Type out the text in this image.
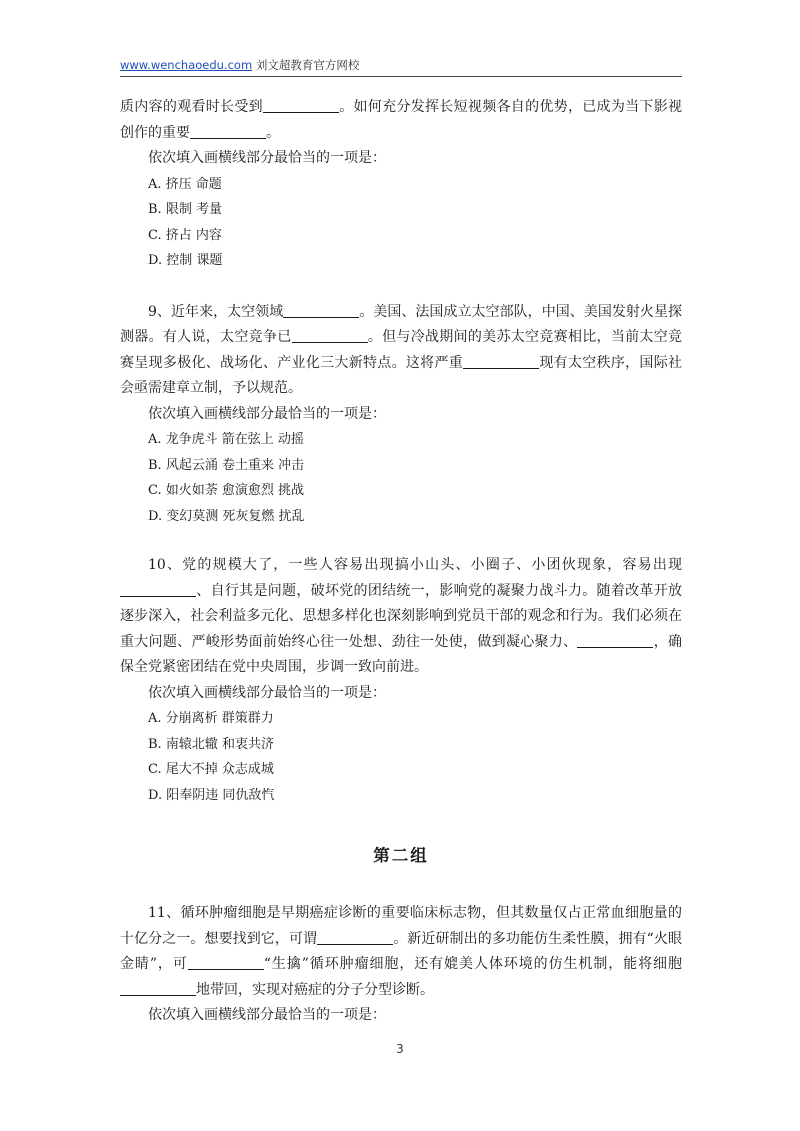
www.wenchaoedu.com 刘文超教育官方网校

质内容的观看时长受到	。如何充分发挥长短视频各自的优势，已成为当下影视创作的重要	。

依次填入画横线部分最恰当的一项是：

A. 挤压 命题
B. 限制 考量
C. 挤占 内容
D. 控制 课题

9、近年来，太空领域	。美国、法国成立太空部队，中国、美国发射火星探测器。有人说，太空竞争已	。但与冷战期间的美苏太空竞赛相比，当前太空竞赛呈现多极化、战场化、产业化三大新特点。这将严重	现有太空秩序，国际社会亟需建章立制，予以规范。

依次填入画横线部分最恰当的一项是：

A. 龙争虎斗 箭在弦上 动摇
B. 风起云涌 卷土重来 冲击
C. 如火如荼 愈演愈烈 挑战
D. 变幻莫测 死灰复燃 扰乱

10、党的规模大了，一些人容易出现搞小山头、小圈子、小团伙现象，容易出现、自行其是问题，破坏党的团结统一，影响党的凝聚力战斗力。随着改革开放逐步深入，社会利益多元化、思想多样化也深刻影响到党员干部的观念和行为。我们必须在重大问题、严峻形势面前始终心往一处想、劲往一处使，做到凝心聚力、	，确保全党紧密团结在党中央周围，步调一致向前进。

依次填入画横线部分最恰当的一项是：

A. 分崩离析 群策群力
B. 南辕北辙 和衷共济
C. 尾大不掉 众志成城
D. 阳奉阴违 同仇敌忾

第二组

11、循环肿瘤细胞是早期癌症诊断的重要临床标志物，但其数量仅占正常血细胞量的十亿分之一。想要找到它，可谓	。新近研制出的多功能仿生柔性膜，拥有“火眼金睛”，可	“生擒”循环肿瘤细胞，还有媲美人体环境的仿生机制，能将细胞地带回，实现对癌症的分子分型诊断。

依次填入画横线部分最恰当的一项是：

3
